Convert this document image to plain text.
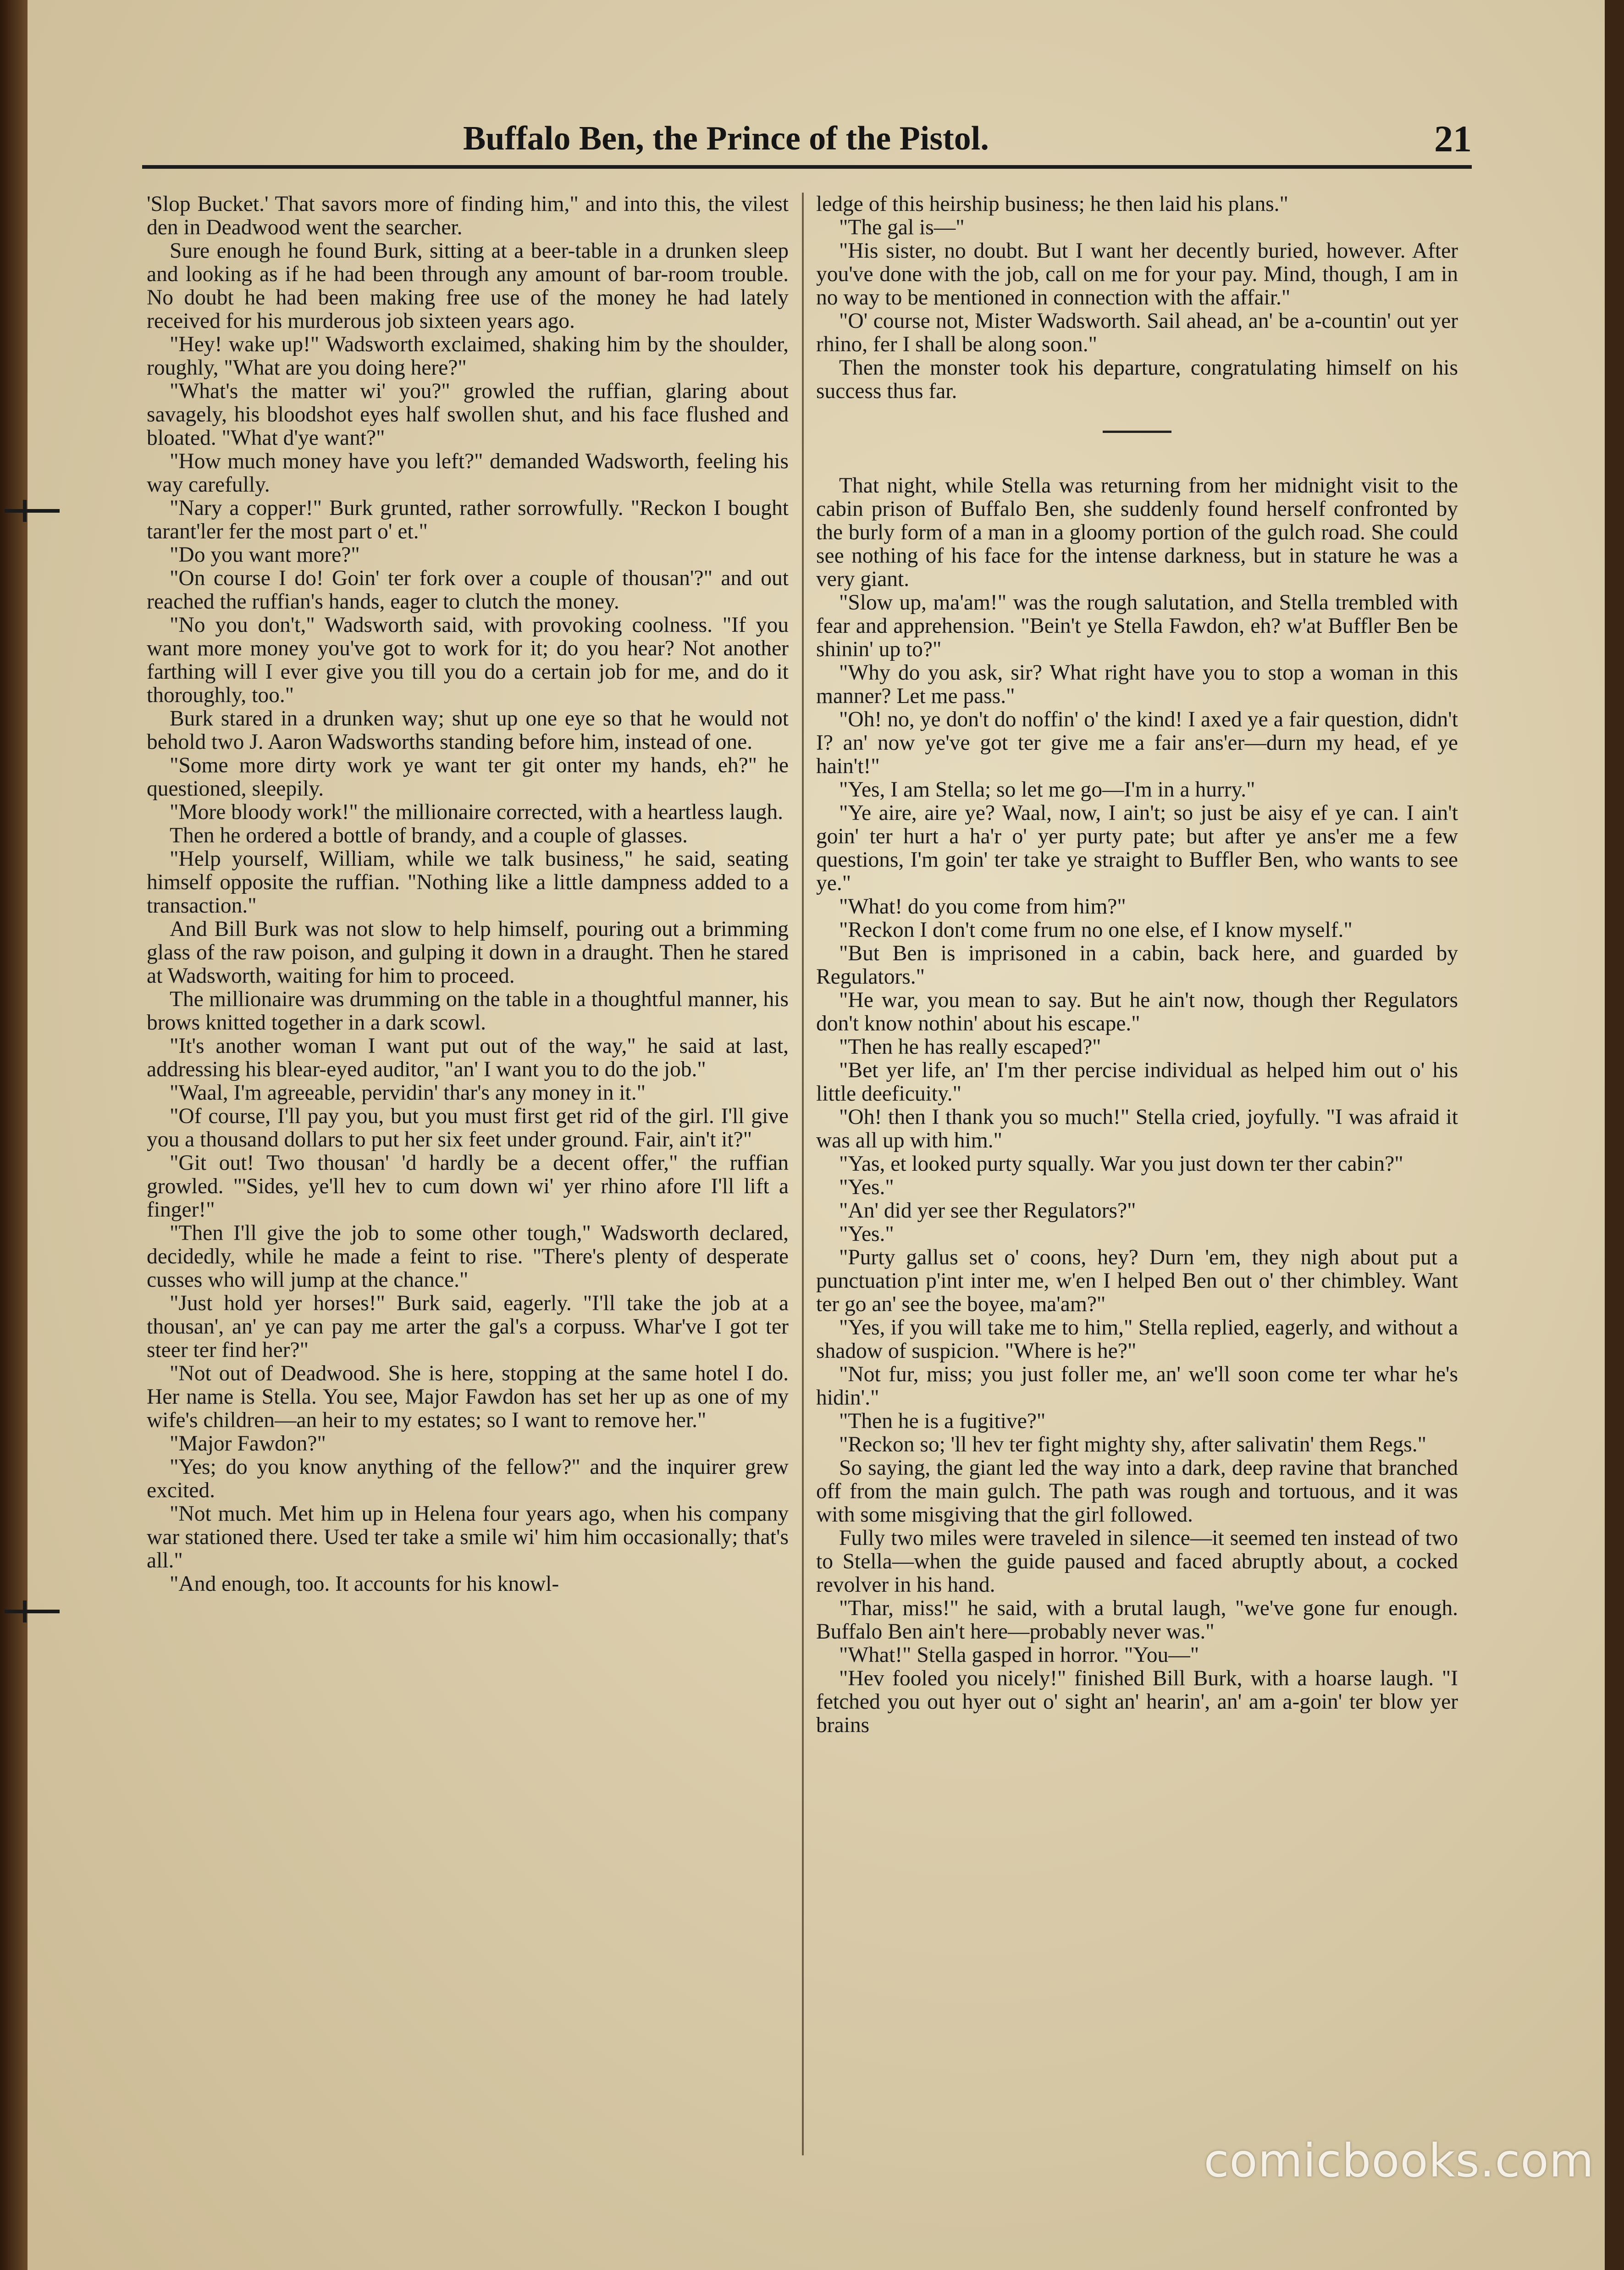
Buffalo Ben, the Prince of the Pistol.	21

'Slop Bucket.' That savors more of finding him," and into this, the vilest den in Deadwood went the searcher.

Sure enough he found Burk, sitting at a beer-table in a drunken sleep and looking as if he had been through any amount of bar-room trouble. No doubt he had been making free use of the money he had lately received for his murderous job sixteen years ago.

"Hey! wake up!" Wadsworth exclaimed, shaking him by the shoulder, roughly, "What are you doing here?"

"What's the matter wi' you?" growled the ruffian, glaring about savagely, his bloodshot eyes half swollen shut, and his face flushed and bloated. "What d'ye want?"

"How much money have you left?" demanded Wadsworth, feeling his way carefully.

"Nary a copper!" Burk grunted, rather sorrowfully. "Reckon I bought tarant'ler fer the most part o' et."

"Do you want more?"

"On course I do! Goin' ter fork over a couple of thousan'?" and out reached the ruffian's hands, eager to clutch the money.

"No you don't," Wadsworth said, with provoking coolness. "If you want more money you've got to work for it; do you hear? Not another farthing will I ever give you till you do a certain job for me, and do it thoroughly, too."

Burk stared in a drunken way; shut up one eye so that he would not behold two J. Aaron Wadsworths standing before him, instead of one.

"Some more dirty work ye want ter git onter my hands, eh?" he questioned, sleepily.

"More bloody work!" the millionaire corrected, with a heartless laugh.

Then he ordered a bottle of brandy, and a couple of glasses.

"Help yourself, William, while we talk business," he said, seating himself opposite the ruffian. "Nothing like a little dampness added to a transaction."

And Bill Burk was not slow to help himself, pouring out a brimming glass of the raw poison, and gulping it down in a draught. Then he stared at Wadsworth, waiting for him to proceed.

The millionaire was drumming on the table in a thoughtful manner, his brows knitted together in a dark scowl.

"It's another woman I want put out of the way," he said at last, addressing his blear-eyed auditor, "an' I want you to do the job."

"Waal, I'm agreeable, pervidin' thar's any money in it."

"Of course, I'll pay you, but you must first get rid of the girl. I'll give you a thousand dollars to put her six feet under ground. Fair, ain't it?"

"Git out! Two thousan' 'd hardly be a decent offer," the ruffian growled. "'Sides, ye'll hev to cum down wi' yer rhino afore I'll lift a finger!"

"Then I'll give the job to some other tough," Wadsworth declared, decidedly, while he made a feint to rise. "There's plenty of desperate cusses who will jump at the chance."

"Just hold yer horses!" Burk said, eagerly. "I'll take the job at a thousan', an' ye can pay me arter the gal's a corpuss. Whar've I got ter steer ter find her?"

"Not out of Deadwood. She is here, stopping at the same hotel I do. Her name is Stella. You see, Major Fawdon has set her up as one of my wife's children—an heir to my estates; so I want to remove her."

"Major Fawdon?"

"Yes; do you know anything of the fellow?" and the inquirer grew excited.

"Not much. Met him up in Helena four years ago, when his company war stationed there. Used ter take a smile wi' him him occasionally; that's all."

"And enough, too. It accounts for his knowl-

ledge of this heirship business; he then laid his plans."

"The gal is—"

"His sister, no doubt. But I want her decently buried, however. After you've done with the job, call on me for your pay. Mind, though, I am in no way to be mentioned in connection with the affair."

"O' course not, Mister Wadsworth. Sail ahead, an' be a-countin' out yer rhino, fer I shall be along soon."

Then the monster took his departure, congratulating himself on his success thus far.

That night, while Stella was returning from her midnight visit to the cabin prison of Buffalo Ben, she suddenly found herself confronted by the burly form of a man in a gloomy portion of the gulch road. She could see nothing of his face for the intense darkness, but in stature he was a very giant.

"Slow up, ma'am!" was the rough salutation, and Stella trembled with fear and apprehension. "Bein't ye Stella Fawdon, eh? w'at Buffler Ben be shinin' up to?"

"Why do you ask, sir? What right have you to stop a woman in this manner? Let me pass."

"Oh! no, ye don't do noffin' o' the kind! I axed ye a fair question, didn't I? an' now ye've got ter give me a fair ans'er—durn my head, ef ye hain't!"

"Yes, I am Stella; so let me go—I'm in a hurry."

"Ye aire, aire ye? Waal, now, I ain't; so just be aisy ef ye can. I ain't goin' ter hurt a ha'r o' yer purty pate; but after ye ans'er me a few questions, I'm goin' ter take ye straight to Buffler Ben, who wants to see ye."

"What! do you come from him?"

"Reckon I don't come frum no one else, ef I know myself."

"But Ben is imprisoned in a cabin, back here, and guarded by Regulators."

"He war, you mean to say. But he ain't now, though ther Regulators don't know nothin' about his escape."

"Then he has really escaped?"

"Bet yer life, an' I'm ther percise individual as helped him out o' his little deeficuity."

"Oh! then I thank you so much!" Stella cried, joyfully. "I was afraid it was all up with him."

"Yas, et looked purty squally. War you just down ter ther cabin?"

"Yes."

"An' did yer see ther Regulators?"

"Yes."

"Purty gallus set o' coons, hey? Durn 'em, they nigh about put a punctuation p'int inter me, w'en I helped Ben out o' ther chimbley. Want ter go an' see the boyee, ma'am?"

"Yes, if you will take me to him," Stella replied, eagerly, and without a shadow of suspicion. "Where is he?"

"Not fur, miss; you just foller me, an' we'll soon come ter whar he's hidin'."

"Then he is a fugitive?"

"Reckon so; 'll hev ter fight mighty shy, after salivatin' them Regs."

So saying, the giant led the way into a dark, deep ravine that branched off from the main gulch. The path was rough and tortuous, and it was with some misgiving that the girl followed.

Fully two miles were traveled in silence—it seemed ten instead of two to Stella—when the guide paused and faced abruptly about, a cocked revolver in his hand.

"Thar, miss!" he said, with a brutal laugh, "we've gone fur enough. Buffalo Ben ain't here—probably never was."

"What!" Stella gasped in horror. "You—"

"Hev fooled you nicely!" finished Bill Burk, with a hoarse laugh. "I fetched you out hyer out o' sight an' hearin', an' am a-goin' ter blow yer brains

comicbooks.com
